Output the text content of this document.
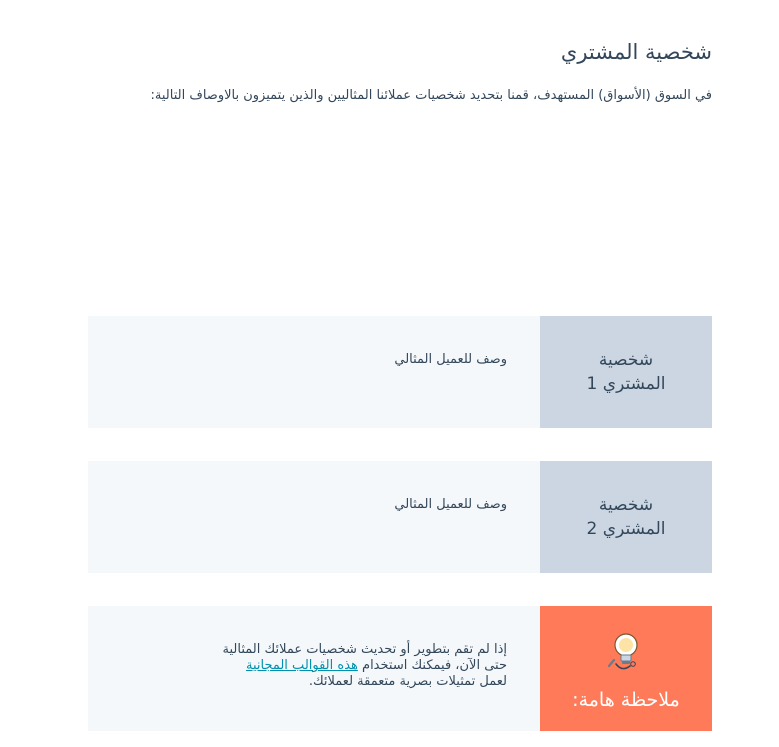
شخصية المشتري

في السوق (الأسواق) المستهدف، قمنا بتحديد شخصيات عملائنا المثاليين والذين يتميزون بالاوصاف التالية:

شخصية
المشتري 1
وصف للعميل المثالي
شخصية
المشتري 2
وصف للعميل المثالي
ملاحظة هامة:
إذا لم تقم بتطوير أو تحديث شخصيات عملائك المثالية حتى الآن، فيمكنك استخدام هذه القوالب المجانية لعمل تمثيلات بصرية متعمقة لعملائك.
